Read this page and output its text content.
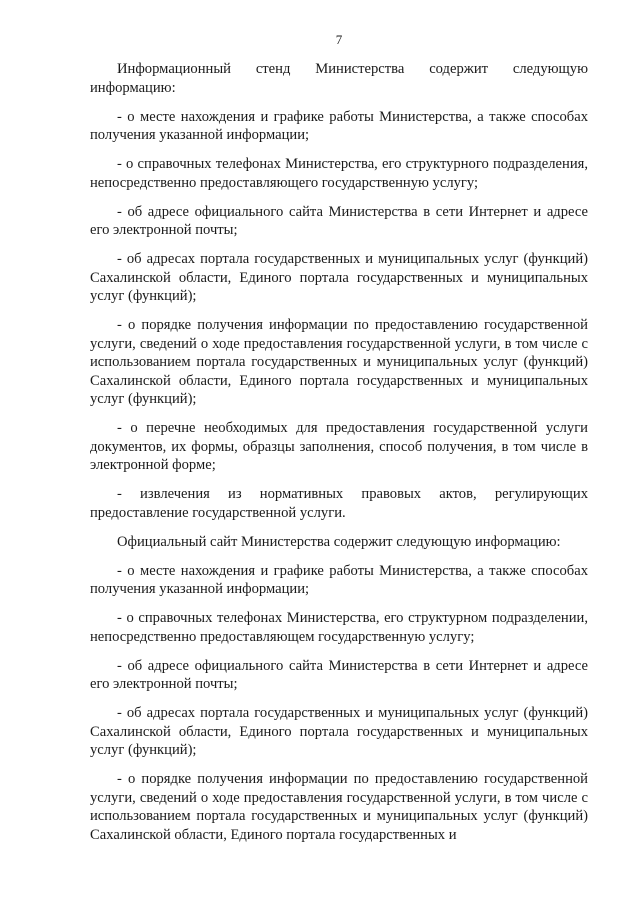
7

Информационный стенд Министерства содержит следующую информацию:

- о месте нахождения и графике работы Министерства, а также способах получения указанной информации;

- о справочных телефонах Министерства, его структурного подразделения, непосредственно предоставляющего государственную услугу;

- об адресе официального сайта Министерства в сети Интернет и адресе его электронной почты;

- об адресах портала государственных и муниципальных услуг (функций) Сахалинской области, Единого портала государственных и муниципальных услуг (функций);

- о порядке получения информации по предоставлению государственной услуги, сведений о ходе предоставления государственной услуги, в том числе с использованием портала государственных и муниципальных услуг (функций) Сахалинской области, Единого портала государственных и муниципальных услуг (функций);

- о перечне необходимых для предоставления государственной услуги документов, их формы, образцы заполнения, способ получения, в том числе в электронной форме;

- извлечения из нормативных правовых актов, регулирующих предоставление государственной услуги.

Официальный сайт Министерства содержит следующую информацию:

- о месте нахождения и графике работы Министерства, а также способах получения указанной информации;

- о справочных телефонах Министерства, его структурном подразделении, непосредственно предоставляющем государственную услугу;

- об адресе официального сайта Министерства в сети Интернет и адресе его электронной почты;

- об адресах портала государственных и муниципальных услуг (функций) Сахалинской области, Единого портала государственных и муниципальных услуг (функций);

- о порядке получения информации по предоставлению государственной услуги, сведений о ходе предоставления государственной услуги, в том числе с использованием портала государственных и муниципальных услуг (функций) Сахалинской области, Единого портала государственных и
